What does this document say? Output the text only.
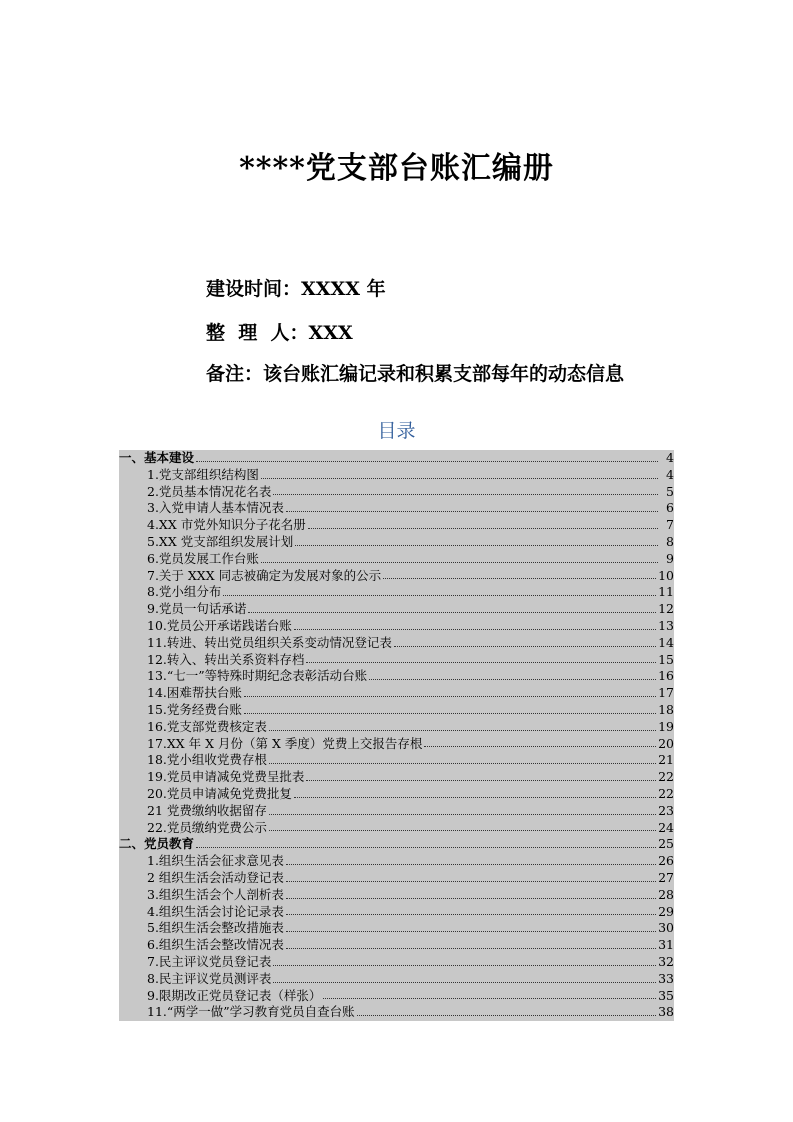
****党支部台账汇编册
建设时间：XXXX 年
整  理  人：XXX
备注：该台账汇编记录和积累支部每年的动态信息
目录
一、基本建设	4
1.党支部组织结构图	4
2.党员基本情况花名表	5
3.入党申请人基本情况表	6
4.XX 市党外知识分子花名册	7
5.XX 党支部组织发展计划	8
6.党员发展工作台账	9
7.关于 XXX 同志被确定为发展对象的公示	10
8.党小组分布	11
9.党员一句话承诺	12
10.党员公开承诺践诺台账	13
11.转进、转出党员组织关系变动情况登记表	14
12.转入、转出关系资料存档	15
13.“七一”等特殊时期纪念表彰活动台账	16
14.困难帮扶台账	17
15.党务经费台账	18
16.党支部党费核定表	19
17.XX 年 X 月份（第 X 季度）党费上交报告存根	20
18.党小组收党费存根	21
19.党员申请减免党费呈批表	22
20.党员申请减免党费批复	22
21 党费缴纳收据留存	23
22.党员缴纳党费公示	24
二、党员教育	25
1.组织生活会征求意见表	26
2 组织生活会活动登记表	27
3.组织生活会个人剖析表	28
4.组织生活会讨论记录表	29
5.组织生活会整改措施表	30
6.组织生活会整改情况表	31
7.民主评议党员登记表	32
8.民主评议党员测评表	33
9.限期改正党员登记表（样张）	35
11.“两学一做”学习教育党员自查台账	38
